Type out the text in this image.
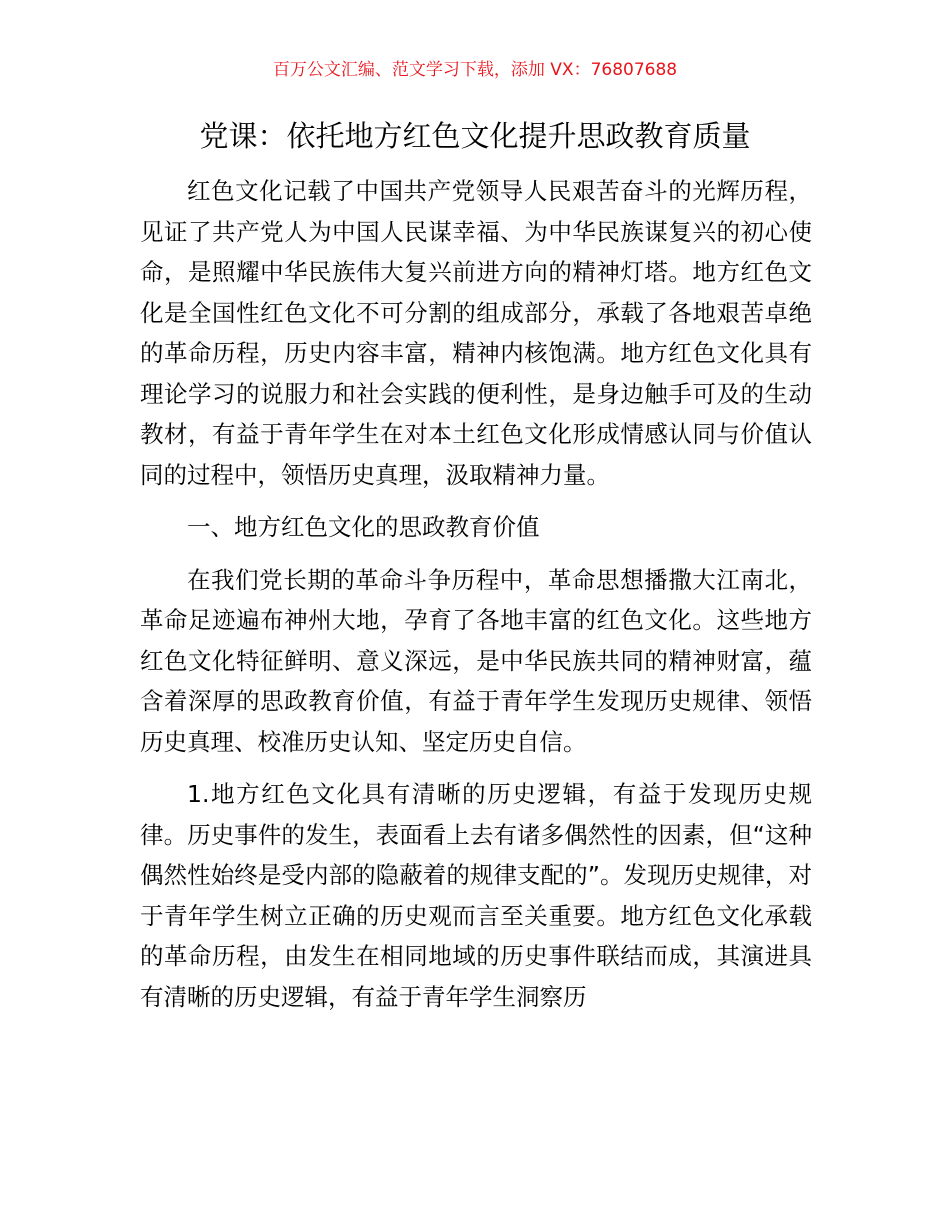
百万公文汇编、范文学习下载，添加 VX：76807688
党课：依托地方红色文化提升思政教育质量

红色文化记载了中国共产党领导人民艰苦奋斗的光辉历程，见证了共产党人为中国人民谋幸福、为中华民族谋复兴的初心使命，是照耀中华民族伟大复兴前进方向的精神灯塔。地方红色文化是全国性红色文化不可分割的组成部分，承载了各地艰苦卓绝的革命历程，历史内容丰富，精神内核饱满。地方红色文化具有理论学习的说服力和社会实践的便利性，是身边触手可及的生动教材，有益于青年学生在对本土红色文化形成情感认同与价值认同的过程中，领悟历史真理，汲取精神力量。

一、地方红色文化的思政教育价值

在我们党长期的革命斗争历程中，革命思想播撒大江南北，革命足迹遍布神州大地，孕育了各地丰富的红色文化。这些地方红色文化特征鲜明、意义深远，是中华民族共同的精神财富，蕴含着深厚的思政教育价值，有益于青年学生发现历史规律、领悟历史真理、校准历史认知、坚定历史自信。

1.地方红色文化具有清晰的历史逻辑，有益于发现历史规律。历史事件的发生，表面看上去有诸多偶然性的因素，但“这种偶然性始终是受内部的隐蔽着的规律支配的”。发现历史规律，对于青年学生树立正确的历史观而言至关重要。地方红色文化承载的革命历程，由发生在相同地域的历史事件联结而成，其演进具有清晰的历史逻辑，有益于青年学生洞察历
